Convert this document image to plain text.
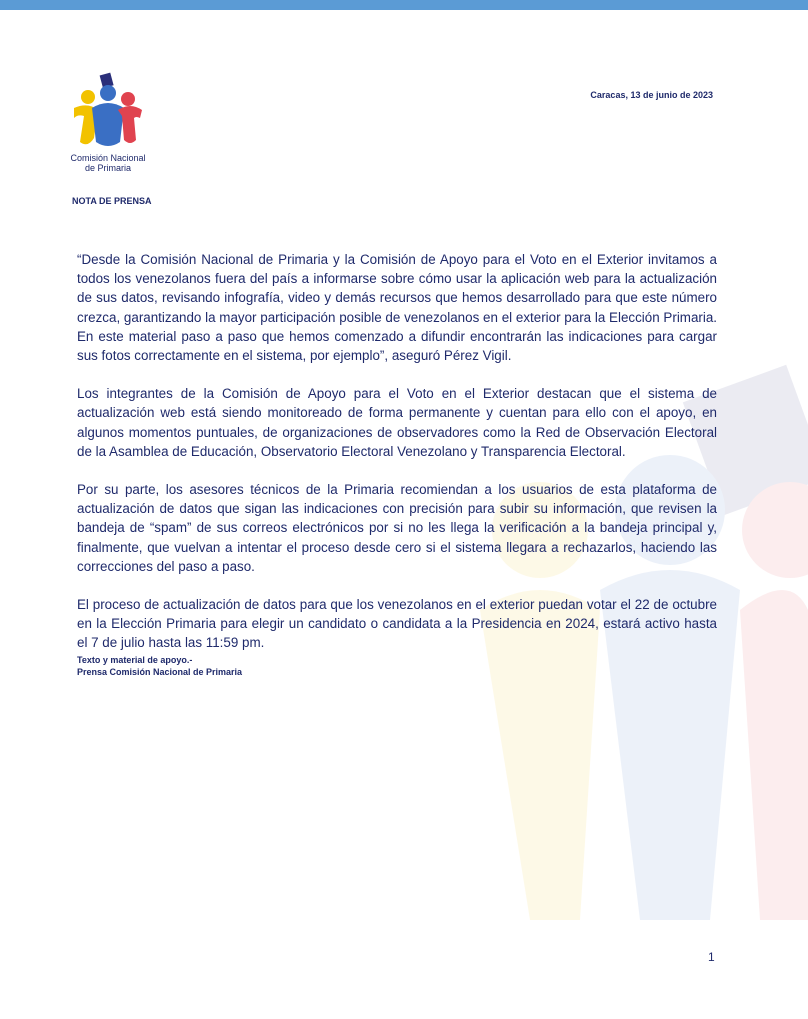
Comisión Nacional
de Primaria
Caracas, 13 de junio de 2023
NOTA DE PRENSA

“Desde la Comisión Nacional de Primaria y la Comisión de Apoyo para el Voto en el Exterior invitamos a todos los venezolanos fuera del país a informarse sobre cómo usar la aplicación web para la actualización de sus datos, revisando infografía, video y demás recursos que hemos desarrollado para que este número crezca, garantizando la mayor participación posible de venezolanos en el exterior para la Elección Primaria. En este material paso a paso que hemos comenzado a difundir encontrarán las indicaciones para cargar sus fotos correctamente en el sistema, por ejemplo”, aseguró Pérez Vigil.

Los integrantes de la Comisión de Apoyo para el Voto en el Exterior destacan que el sistema de actualización web está siendo monitoreado de forma permanente y cuentan para ello con el apoyo, en algunos momentos puntuales, de organizaciones de observadores como la Red de Observación Electoral de la Asamblea de Educación, Observatorio Electoral Venezolano y Transparencia Electoral.

Por su parte, los asesores técnicos de la Primaria recomiendan a los usuarios de esta plataforma de actualización de datos que sigan las indicaciones con precisión para subir su información, que revisen la bandeja de “spam” de sus correos electrónicos por si no les llega la verificación a la bandeja principal y, finalmente, que vuelvan a intentar el proceso desde cero si el sistema llegara a rechazarlos, haciendo las correcciones del paso a paso.

El proceso de actualización de datos para que los venezolanos en el exterior puedan votar el 22 de octubre en la Elección Primaria para elegir un candidato o candidata a la Presidencia en 2024, estará activo hasta el 7 de julio hasta las 11:59 pm.

Texto y material de apoyo.-
Prensa Comisión Nacional de Primaria
1
